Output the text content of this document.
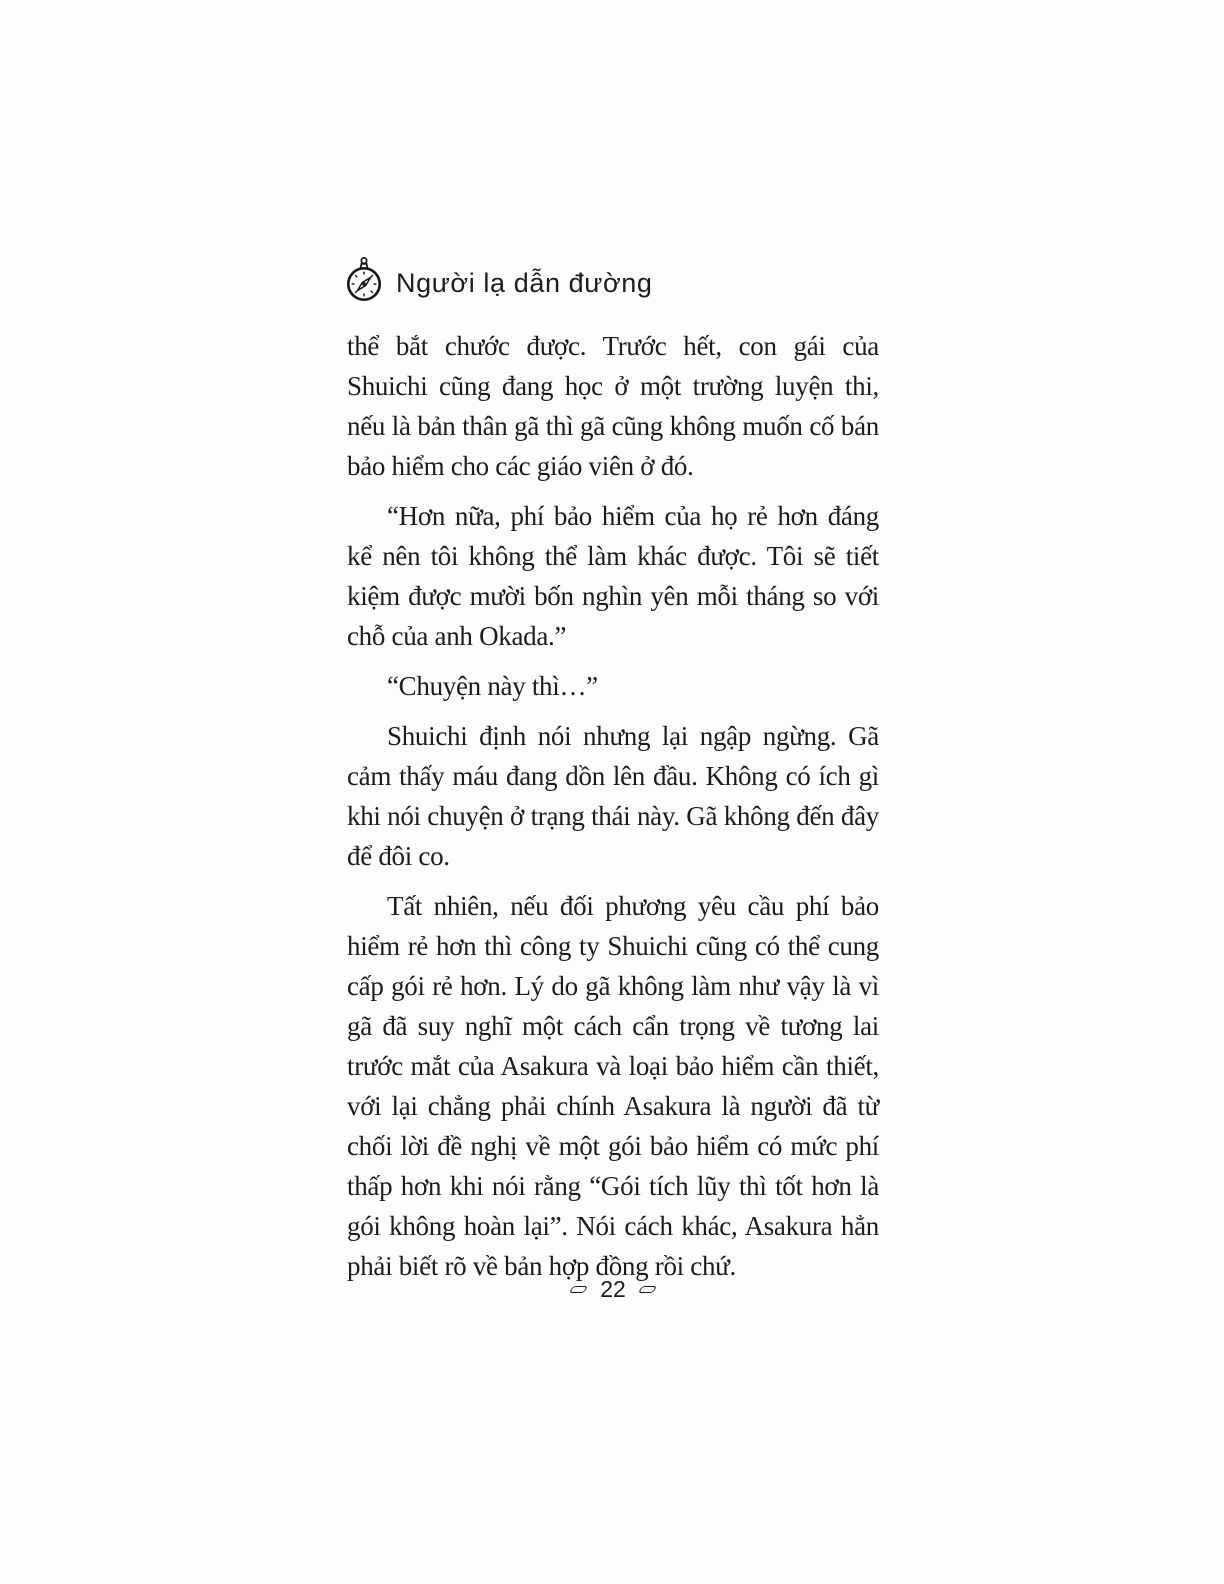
Người lạ dẫn đường

thể bắt chước được. Trước hết, con gái của Shuichi cũng đang học ở một trường luyện thi, nếu là bản thân gã thì gã cũng không muốn cố bán bảo hiểm cho các giáo viên ở đó.

“Hơn nữa, phí bảo hiểm của họ rẻ hơn đáng kể nên tôi không thể làm khác được. Tôi sẽ tiết kiệm được mười bốn nghìn yên mỗi tháng so với chỗ của anh Okada.”

“Chuyện này thì…”

Shuichi định nói nhưng lại ngập ngừng. Gã cảm thấy máu đang dồn lên đầu. Không có ích gì khi nói chuyện ở trạng thái này. Gã không đến đây để đôi co.

Tất nhiên, nếu đối phương yêu cầu phí bảo hiểm rẻ hơn thì công ty Shuichi cũng có thể cung cấp gói rẻ hơn. Lý do gã không làm như vậy là vì gã đã suy nghĩ một cách cẩn trọng về tương lai trước mắt của Asakura và loại bảo hiểm cần thiết, với lại chẳng phải chính Asakura là người đã từ chối lời đề nghị về một gói bảo hiểm có mức phí thấp hơn khi nói rằng “Gói tích lũy thì tốt hơn là gói không hoàn lại”. Nói cách khác, Asakura hẳn phải biết rõ về bản hợp đồng rồi chứ.

22
